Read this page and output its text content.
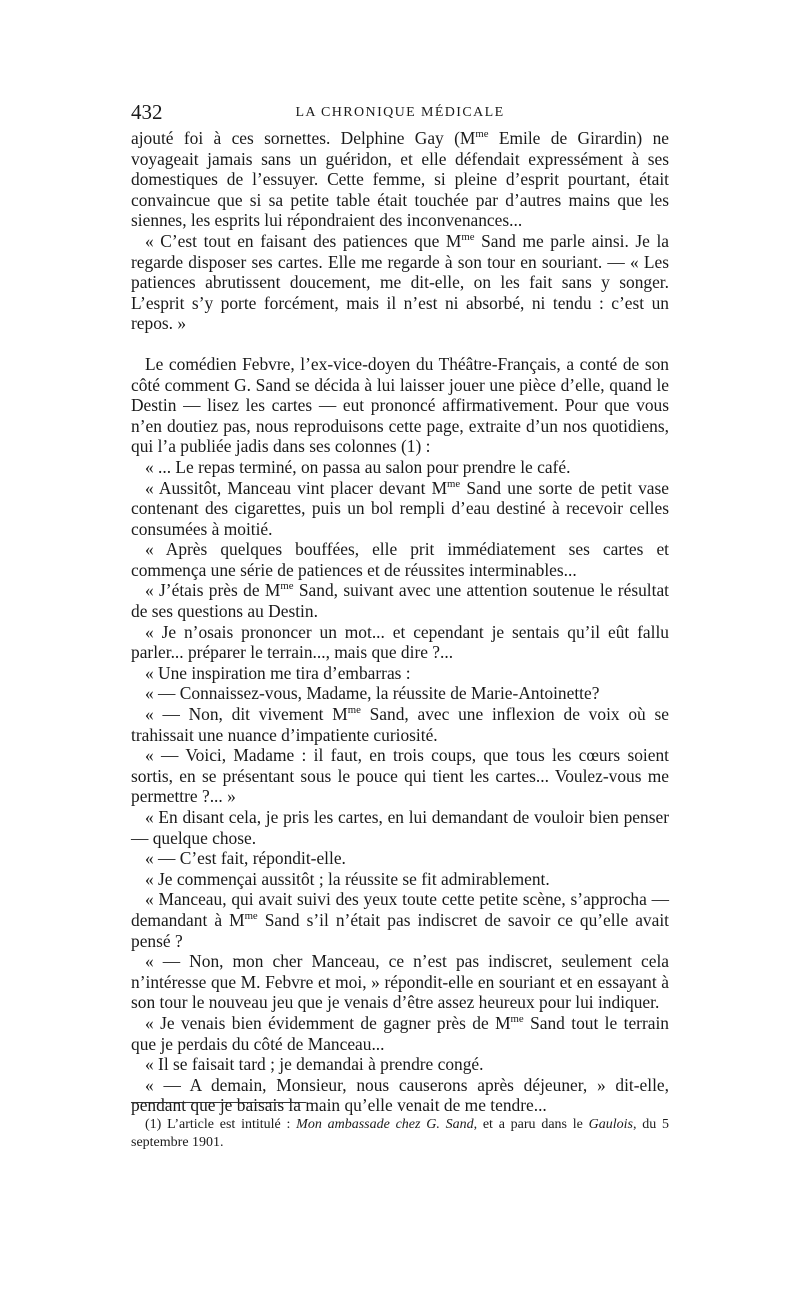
432	LA CHRONIQUE MÉDICALE

ajouté foi à ces sornettes. Delphine Gay ($M^{me}$ Emile de Girardin) ne voyageait jamais sans un guéridon, et elle défendait expressément à ses domestiques de l’essuyer. Cette femme, si pleine d’esprit pourtant, était convaincue que si sa petite table était touchée par d’autres mains que les siennes, les esprits lui répondraient des inconvenances...

« C’est tout en faisant des patiences que $M^{me}$ Sand me parle ainsi. Je la regarde disposer ses cartes. Elle me regarde à son tour en souriant. — « Les patiences abrutissent doucement, me dit-elle, on les fait sans y songer. L’esprit s’y porte forcément, mais il n’est ni absorbé, ni tendu : c’est un repos. »

Le comédien Febvre, l’ex-vice-doyen du Théâtre-Français, a conté de son côté comment G. Sand se décida à lui laisser jouer une pièce d’elle, quand le Destin — lisez les cartes — eut prononcé affirmativement. Pour que vous n’en doutiez pas, nous reproduisons cette page, extraite d’un nos quotidiens, qui l’a publiée jadis dans ses colonnes (1) :

« ... Le repas terminé, on passa au salon pour prendre le café.

« Aussitôt, Manceau vint placer devant $M^{me}$ Sand une sorte de petit vase contenant des cigarettes, puis un bol rempli d’eau destiné à recevoir celles consumées à moitié.

« Après quelques bouffées, elle prit immédiatement ses cartes et commença une série de patiences et de réussites interminables...

« J’étais près de $M^{me}$ Sand, suivant avec une attention soutenue le résultat de ses questions au Destin.

« Je n’osais prononcer un mot... et cependant je sentais qu’il eût fallu parler... préparer le terrain..., mais que dire ?...

« Une inspiration me tira d’embarras :

« — Connaissez-vous, Madame, la réussite de Marie-Antoinette?

« — Non, dit vivement $M^{me}$ Sand, avec une inflexion de voix où se trahissait une nuance d’impatiente curiosité.

« — Voici, Madame : il faut, en trois coups, que tous les cœurs soient sortis, en se présentant sous le pouce qui tient les cartes... Voulez-vous me permettre ?... »

« En disant cela, je pris les cartes, en lui demandant de vouloir bien penser — quelque chose.

« — C’est fait, répondit-elle.

« Je commençai aussitôt ; la réussite se fit admirablement.

« Manceau, qui avait suivi des yeux toute cette petite scène, s’approcha — demandant à $M^{me}$ Sand s’il n’était pas indiscret de savoir ce qu’elle avait pensé ?

« — Non, mon cher Manceau, ce n’est pas indiscret, seulement cela n’intéresse que M. Febvre et moi, » répondit-elle en souriant et en essayant à son tour le nouveau jeu que je venais d’être assez heureux pour lui indiquer.

« Je venais bien évidemment de gagner près de $M^{me}$ Sand tout le terrain que je perdais du côté de Manceau...

« Il se faisait tard ; je demandai à prendre congé.

« — A demain, Monsieur, nous causerons après déjeuner, » dit-elle, pendant que je baisais la main qu’elle venait de me tendre...

(1) L’article est intitulé : Mon ambassade chez G. Sand, et a paru dans le Gaulois, du 5 septembre 1901.
